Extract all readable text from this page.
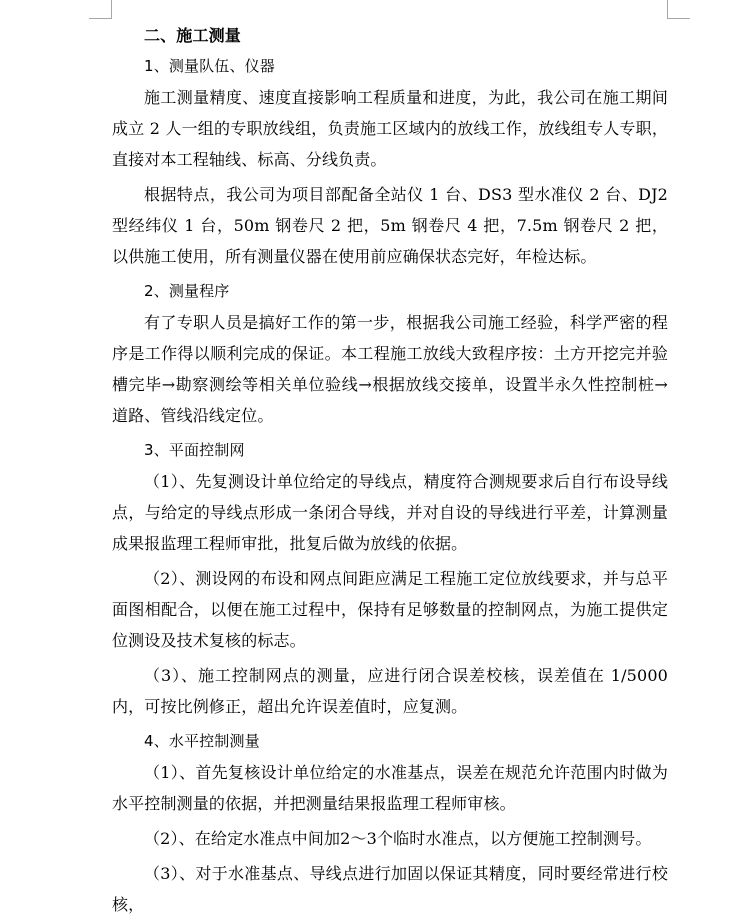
二、施工测量

1、测量队伍、仪器

施工测量精度、速度直接影响工程质量和进度，为此，我公司在施工期间成立 2 人一组的专职放线组，负责施工区域内的放线工作，放线组专人专职，直接对本工程轴线、标高、分线负责。

根据特点，我公司为项目部配备全站仪 1 台、DS3 型水准仪 2 台、DJ2 型经纬仪 1 台，50m 钢卷尺 2 把，5m 钢卷尺 4 把，7.5m 钢卷尺 2 把，以供施工使用，所有测量仪器在使用前应确保状态完好，年检达标。

2、测量程序

有了专职人员是搞好工作的第一步，根据我公司施工经验，科学严密的程序是工作得以顺利完成的保证。本工程施工放线大致程序按：土方开挖完并验槽完毕→勘察测绘等相关单位验线→根据放线交接单，设置半永久性控制桩→道路、管线沿线定位。

3、平面控制网

（1）、先复测设计单位给定的导线点，精度符合测规要求后自行布设导线点，与给定的导线点形成一条闭合导线，并对自设的导线进行平差，计算测量成果报监理工程师审批，批复后做为放线的依据。

（2）、测设网的布设和网点间距应满足工程施工定位放线要求，并与总平面图相配合，以便在施工过程中，保持有足够数量的控制网点，为施工提供定位测设及技术复核的标志。

（3）、施工控制网点的测量，应进行闭合误差校核，误差值在 1/5000 内，可按比例修正，超出允许误差值时，应复测。

4、水平控制测量

（1）、首先复核设计单位给定的水准基点，误差在规范允许范围内时做为水平控制测量的依据，并把测量结果报监理工程师审核。

（2）、在给定水准点中间加2～3个临时水准点，以方便施工控制测号。

（3）、对于水准基点、导线点进行加固以保证其精度，同时要经常进行校核，
